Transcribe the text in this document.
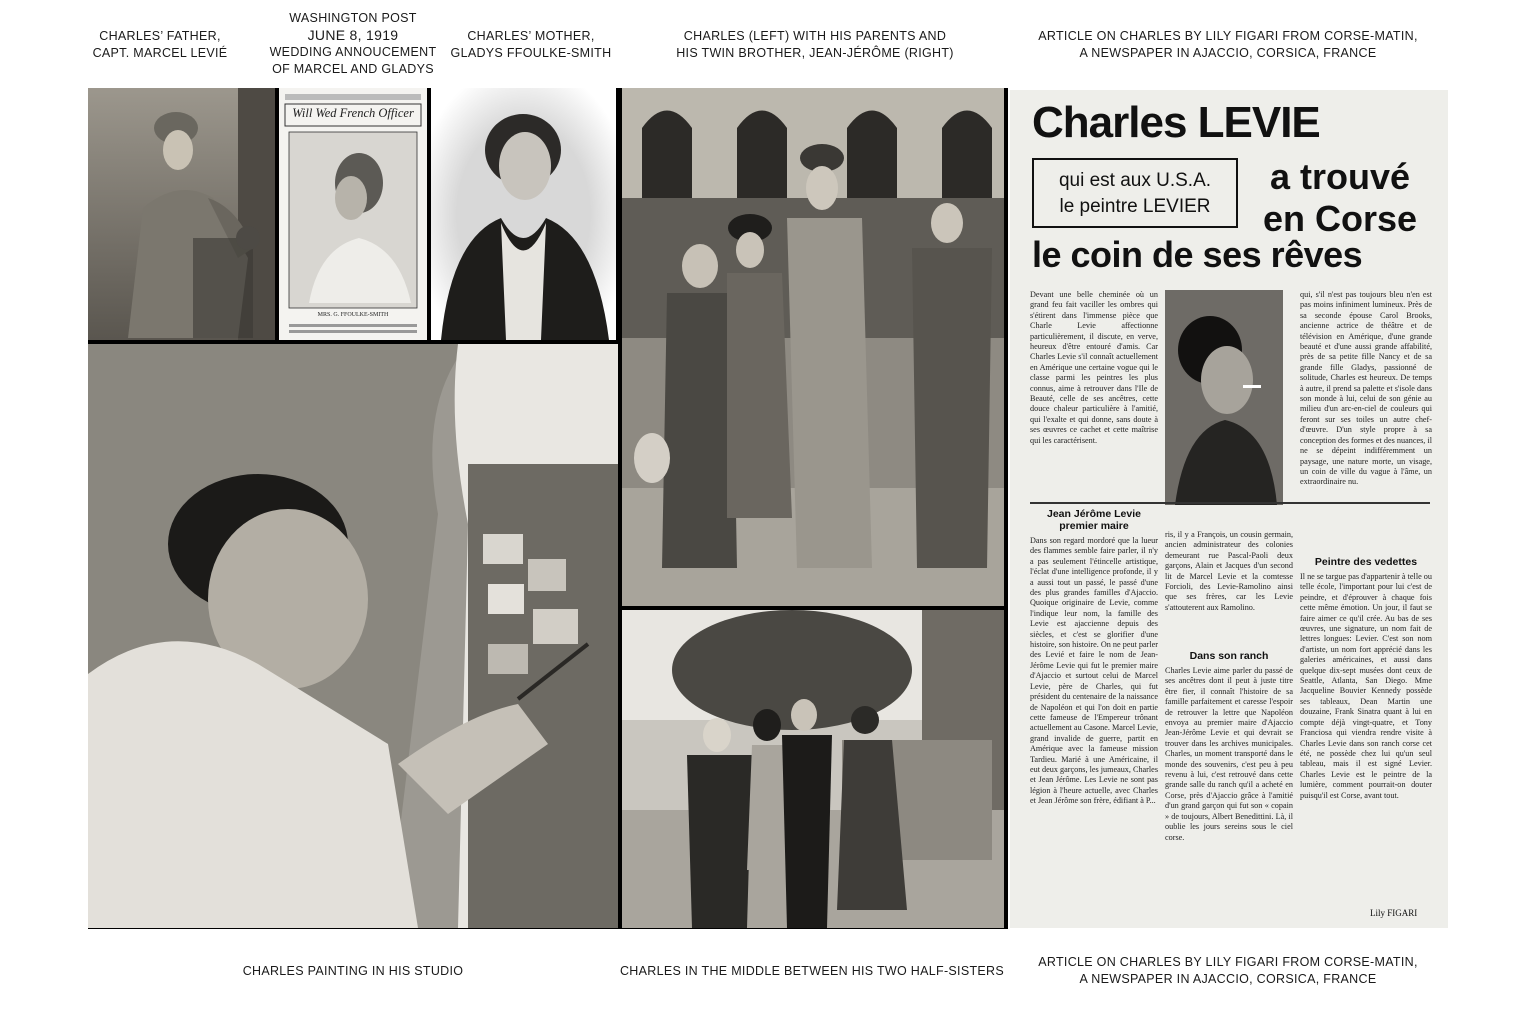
CHARLES’ FATHER,
CAPT. MARCEL LEVIÉ
WASHINGTON POST
JUNE 8, 1919
WEDDING ANNOUCEMENT
OF MARCEL AND GLADYS
CHARLES’ MOTHER,
GLADYS FFOULKE-SMITH
CHARLES (LEFT) WITH HIS PARENTS AND
HIS TWIN BROTHER, JEAN-JÉRÔME (RIGHT)
ARTICLE ON CHARLES BY LILY FIGARI FROM CORSE-MATIN,
A NEWSPAPER IN AJACCIO, CORSICA, FRANCE
Will Wed French Officer
MRS. G. FFOULKE-SMITH
Charles LEVIE
qui est aux U.S.A.
le peintre LEVIER
a trouvé
en Corse
le coin de ses rêves
Devant une belle cheminée où un grand feu fait vaciller les ombres qui s'étirent dans l'immense pièce que Charle Levie affectionne particulièrement, il discute, en verve, heureux d'être entouré d'amis. Car Charles Levie s'il connaît actuellement en Amérique une certaine vogue qui le classe parmi les peintres les plus connus, aime à retrouver dans l'Ile de Beauté, celle de ses ancêtres, cette douce chaleur particulière à l'amitié, qui l'exalte et qui donne, sans doute à ses œuvres ce cachet et cette maîtrise qui les caractérisent.
qui, s'il n'est pas toujours bleu n'en est pas moins infiniment lumineux. Près de sa seconde épouse Carol Brooks, ancienne actrice de théâtre et de télévision en Amérique, d'une grande beauté et d'une aussi grande affabilité, près de sa petite fille Nancy et de sa grande fille Gladys, passionné de solitude, Charles est heureux. De temps à autre, il prend sa palette et s'isole dans son monde à lui, celui de son génie au milieu d'un arc-en-ciel de couleurs qui feront sur ses toiles un autre chef-d'œuvre. D'un style propre à sa conception des formes et des nuances, il ne se dépeint indifféremment un paysage, une nature morte, un visage, un coin de ville du vague à l'âme, un extraordinaire nu.
Jean Jérôme Levie
premier maire
Dans son regard mordoré que la lueur des flammes semble faire parler, il n'y a pas seulement l'étincelle artistique, l'éclat d'une intelligence profonde, il y a aussi tout un passé, le passé d'une des plus grandes familles d'Ajaccio. Quoique originaire de Levie, comme l'indique leur nom, la famille des Levie est ajaccienne depuis des siècles, et c'est se glorifier d'une histoire, son histoire. On ne peut parler des Levié et faire le nom de Jean-Jérôme Levie qui fut le premier maire d'Ajaccio et surtout celui de Marcel Levie, père de Charles, qui fut président du centenaire de la naissance de Napoléon et qui l'on doit en partie cette fameuse de l'Empereur trônant actuellement au Casone. Marcel Levie, grand invalide de guerre, partit en Amérique avec la fameuse mission Tardieu. Marié à une Américaine, il eut deux garçons, les jumeaux, Charles et Jean Jérôme. Les Levie ne sont pas légion à l'heure actuelle, avec Charles et Jean Jérôme son frère, édifiant à P...
ris, il y a François, un cousin germain, ancien administrateur des colonies demeurant rue Pascal-Paoli deux garçons, Alain et Jacques d'un second lit de Marcel Levie et la comtesse Forcioli, des Levie-Ramolino ainsi que ses frères, car les Levie s'attouterent aux Ramolino.
Dans son ranch
Charles Levie aime parler du passé de ses ancêtres dont il peut à juste titre être fier, il connaît l'histoire de sa famille parfaitement et caresse l'espoir de retrouver la lettre que Napoléon envoya au premier maire d'Ajaccio Jean-Jérôme Levie et qui devrait se trouver dans les archives municipales. Charles, un moment transporté dans le monde des souvenirs, c'est peu à peu revenu à lui, c'est retrouvé dans cette grande salle du ranch qu'il a acheté en Corse, près d'Ajaccio grâce à l'amitié d'un grand garçon qui fut son « copain » de toujours, Albert Benedittini. Là, il oublie les jours sereins sous le ciel corse.
Peintre des vedettes
Il ne se targue pas d'appartenir à telle ou telle école, l'important pour lui c'est de peindre, et d'éprouver à chaque fois cette même émotion. Un jour, il faut se faire aimer ce qu'il crée. Au bas de ses œuvres, une signature, un nom fait de lettres longues: Levier. C'est son nom d'artiste, un nom fort apprécié dans les galeries américaines, et aussi dans quelque dix-sept musées dont ceux de Seattle, Atlanta, San Diego. Mme Jacqueline Bouvier Kennedy possède ses tableaux, Dean Martin une douzaine, Frank Sinatra quant à lui en compte déjà vingt-quatre, et Tony Franciosa qui viendra rendre visite à Charles Levie dans son ranch corse cet été, ne possède chez lui qu'un seul tableau, mais il est signé Levier. Charles Levie est le peintre de la lumière, comment pourrait-on douter puisqu'il est Corse, avant tout.
Lily FIGARI
CHARLES PAINTING IN HIS STUDIO	CHARLES IN THE MIDDLE BETWEEN HIS TWO HALF-SISTERS
ARTICLE ON CHARLES BY LILY FIGARI FROM CORSE-MATIN,
A NEWSPAPER IN AJACCIO, CORSICA, FRANCE
